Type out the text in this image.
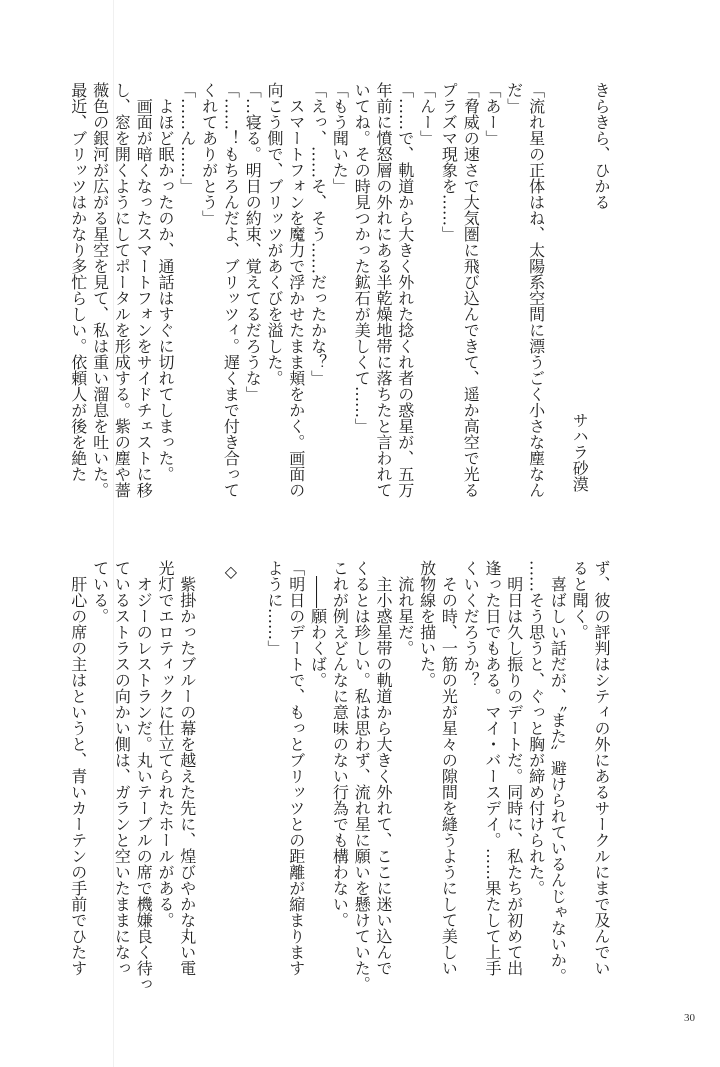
きらきら、ひかる
サハラ砂漠
「流れ星の正体はね、太陽系空間に漂うごく小さな塵なん
だ」
「あー」
「脅威の速さで大気圏に飛び込んできて、遥か高空で光る
プラズマ現象を……」
「んー」
「……で、軌道から大きく外れた捻くれ者の惑星が、五万
年前に憤怒層の外れにある半乾燥地帯に落ちたと言われて
いてね。その時見つかった鉱石が美しくて……」
「もう聞いた」
「えっ、……そ、そう……だったかな？」
　スマートフォンを魔力で浮かせたまま頬をかく。画面の
向こう側で、ブリッツがあくびを溢した。
「…寝る。明日の約束、覚えてるだろうな」
「……！もちろんだよ、ブリッツィ。遅くまで付き合って
くれてありがとう」
「……ん……」
　よほど眠かったのか、通話はすぐに切れてしまった。
　画面が暗くなったスマートフォンをサイドチェストに移
し、窓を開くようにしてポータルを形成する。紫の塵や薔
薇色の銀河が広がる星空を見て、私は重い溜息を吐いた。
最近、ブリッツはかなり多忙らしい。依頼人が後を絶た
ず、彼の評判はシティの外にあるサークルにまで及んでい
ると聞く。
　喜ばしい話だが、〝また〟避けられているんじゃないか。
……そう思うと、ぐっと胸が締め付けられた。
　明日は久し振りのデートだ。同時に、私たちが初めて出
逢った日でもある。マイ・バースデイ。……果たして上手
くいくだろうか？
　その時、一筋の光が星々の隙間を縫うようにして美しい
放物線を描いた。
　流れ星だ。
　主小惑星帯の軌道から大きく外れて、ここに迷い込んで
くるとは珍しい。私は思わず、流れ星に願いを懸けていた。
これが例えどんなに意味のない行為でも構わない。
　――願わくば。
「明日のデートで、もっとブリッツとの距離が縮まります
ように……」
◇
　紫掛かったブルーの幕を越えた先に、煌びやかな丸い電
光灯でエロティックに仕立てられたホールがある。
　オジーのレストランだ。丸いテーブルの席で機嫌良く待っ
ているストラスの向かい側は、ガランと空いたままになっ
ている。
　肝心の席の主はというと、青いカーテンの手前でひたす
30
